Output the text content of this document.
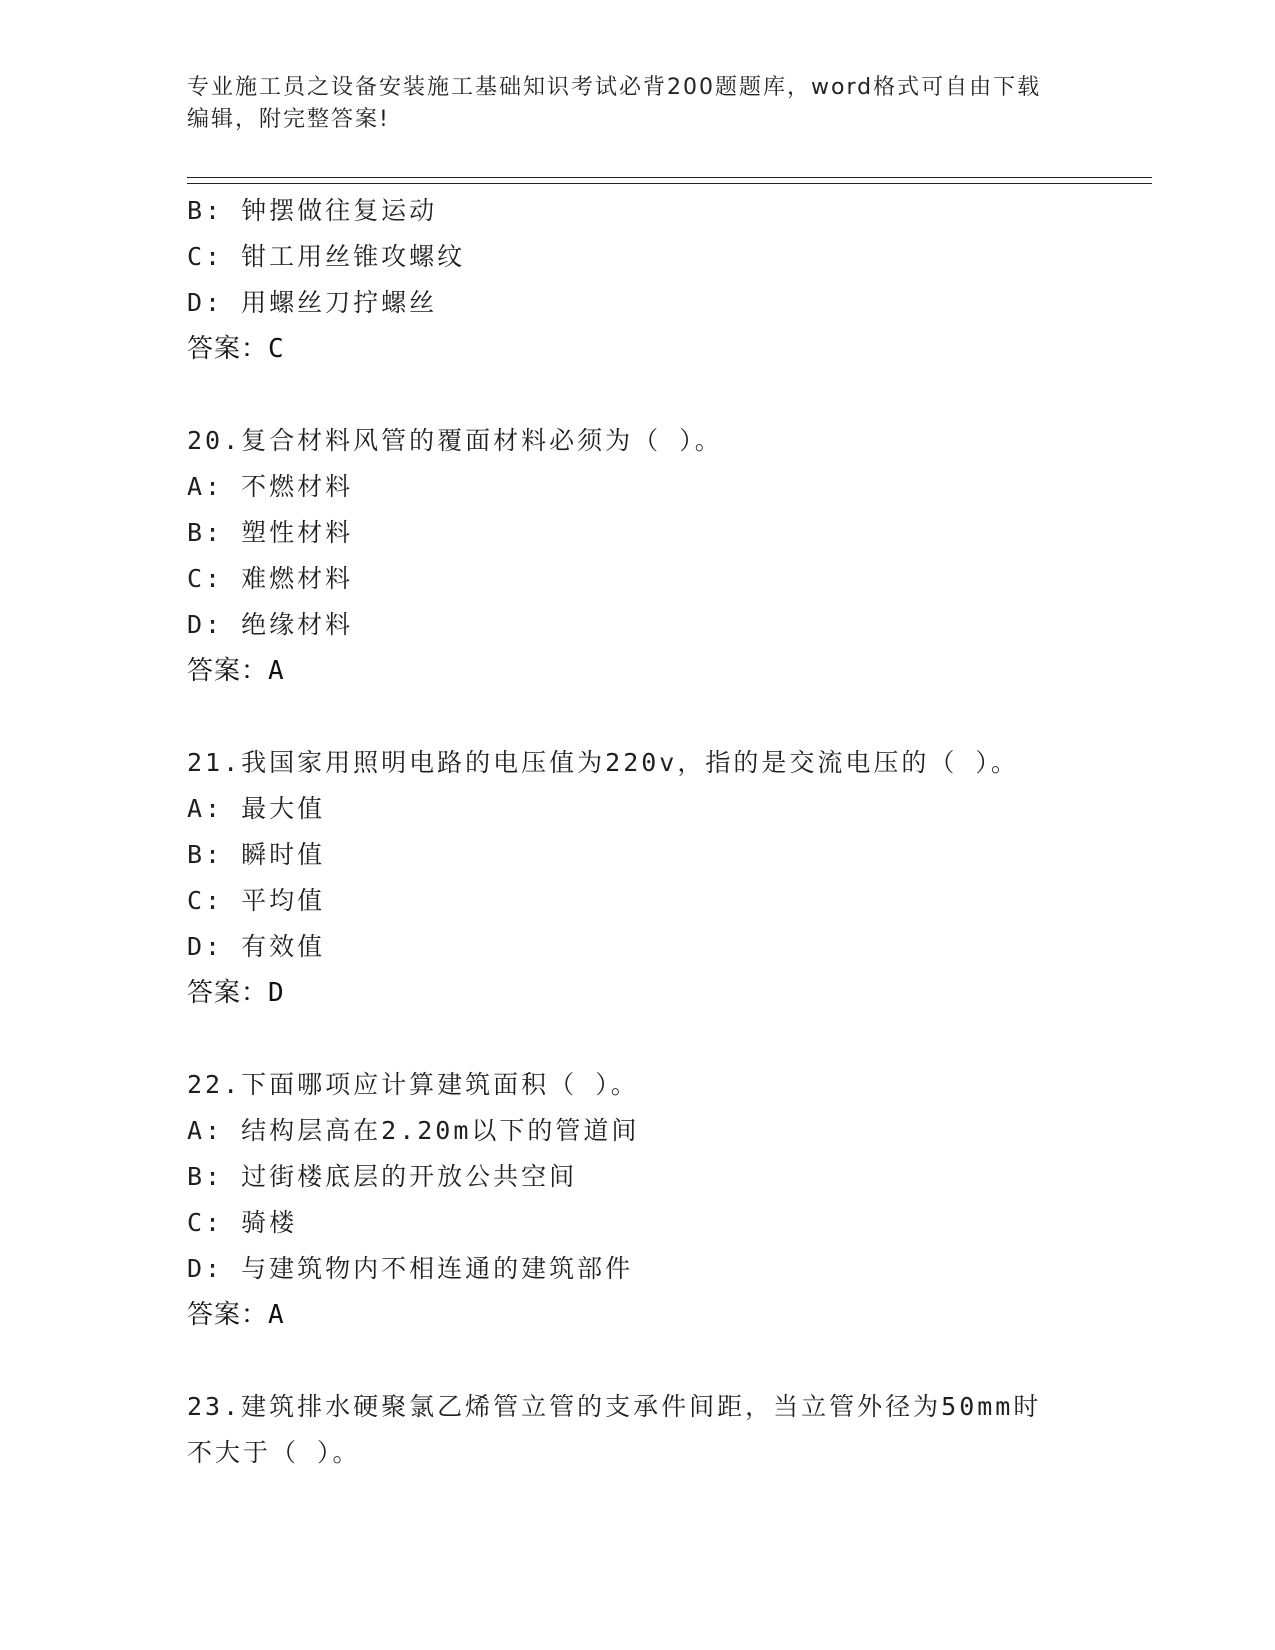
专业施工员之设备安装施工基础知识考试必背200题题库，word格式可自由下载
编辑，附完整答案!
B: 钟摆做往复运动
C: 钳工用丝锥攻螺纹
D: 用螺丝刀拧螺丝
答案：C
20.复合材料风管的覆面材料必须为（ ）。
A: 不燃材料
B: 塑性材料
C: 难燃材料
D: 绝缘材料
答案：A
21.我国家用照明电路的电压值为220v，指的是交流电压的（ ）。
A: 最大值
B: 瞬时值
C: 平均值
D: 有效值
答案：D
22.下面哪项应计算建筑面积（ ）。
A: 结构层高在2.20m以下的管道间
B: 过街楼底层的开放公共空间
C: 骑楼
D: 与建筑物内不相连通的建筑部件
答案：A
23.建筑排水硬聚氯乙烯管立管的支承件间距，当立管外径为50mm时
不大于（ ）。
